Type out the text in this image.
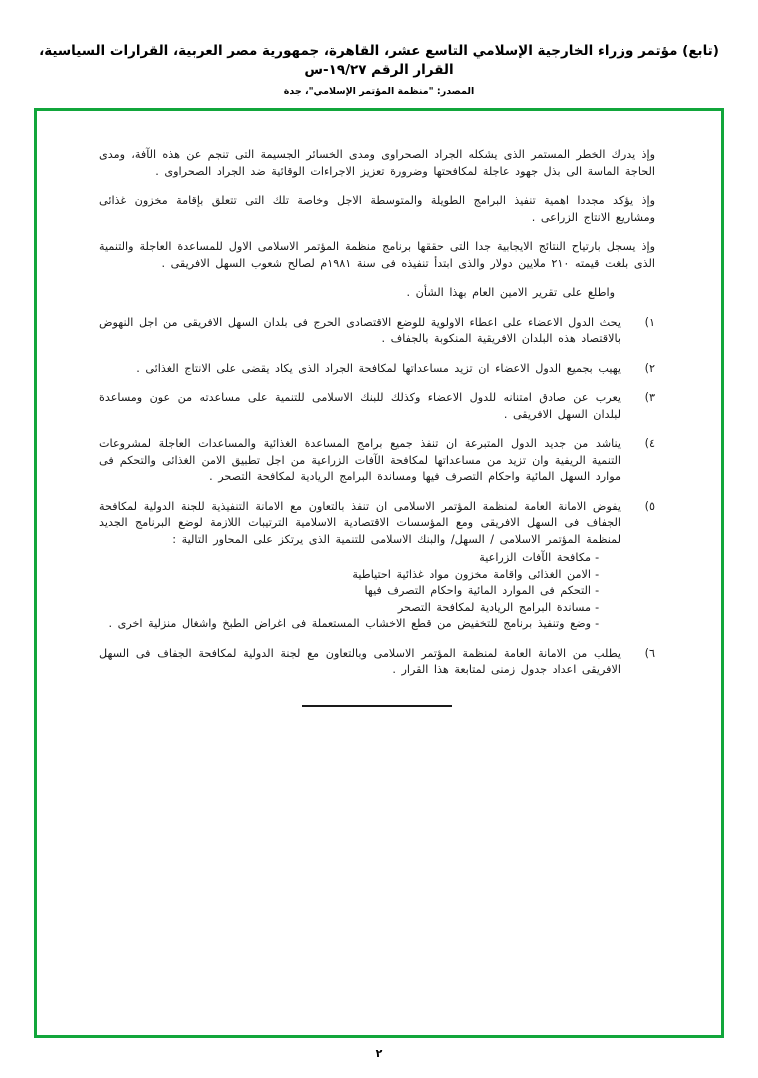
(تابع) مؤتمر وزراء الخارجية الإسلامي التاسع عشر، القاهرة، جمهورية مصر العربية، القرارات السياسية، القرار الرقم ١٩/٢٧-س
المصدر: "منظمة المؤتمر الإسلامي"، جدة

وإذ يدرك الخطر المستمر الذى يشكله الجراد الصحراوى ومدى الخسائر الجسيمة التى تنجم عن هذه الآفة، ومدى الحاجة الماسة الى بذل جهود عاجلة لمكافحتها وضرورة تعزيز الاجراءات الوقائية ضد الجراد الصحراوى .

وإذ يؤكد مجددا اهمية تنفيذ البرامج الطويلة والمتوسطة الاجل وخاصة تلك التى تتعلق بإقامة مخزون غذائى ومشاريع الانتاج الزراعى .

وإذ يسجل بارتياح النتائج الايجابية جدا التى حققها برنامج منظمة المؤتمر الاسلامى الاول للمساعدة العاجلة والتنمية الذى بلغت قيمته ٢١٠ ملايين دولار والذى ابتدأ تنفيذه فى سنة ١٩٨١م لصالح شعوب السهل الافريقى .

واطلع على تقرير الامين العام بهذا الشأن .

١)

يحث الدول الاعضاء على اعطاء الاولوية للوضع الاقتصادى الحرج فى بلدان السهل الافريقى من اجل النهوض بالاقتصاد هذه البلدان الافريقية المنكوبة بالجفاف .

٢)

يهيب بجميع الدول الاعضاء ان تزيد مساعداتها لمكافحة الجراد الذى يكاد يقضى على الانتاج الغذائى .

٣)

يعرب عن صادق امتنانه للدول الاعضاء وكذلك للبنك الاسلامى للتنمية على مساعدته من عون ومساعدة لبلدان السهل الافريقى .

٤)

يناشد من جديد الدول المتبرعة ان تنفذ جميع برامج المساعدة الغذائية والمساعدات العاجلة لمشروعات التنمية الريفية وان تزيد من مساعداتها لمكافحة الآفات الزراعية من اجل تطبيق الامن الغذائى والتحكم فى موارد السهل المائية واحكام التصرف فيها ومساندة البرامج الريادية لمكافحة التصحر .

٥)

يفوض الامانة العامة لمنظمة المؤتمر الاسلامى ان تنفذ بالتعاون مع الامانة التنفيذية للجنة الدولية لمكافحة الجفاف فى السهل الافريقى ومع المؤسسات الاقتصادية الاسلامية الترتيبات اللازمة لوضع البرنامج الجديد لمنظمة المؤتمر الاسلامى / السهل/ والبنك الاسلامى للتنمية الذى يرتكز على المحاور التالية :

-
مكافحة الآفات الزراعية
-
الامن الغذائى واقامة مخزون مواد غذائية احتياطية
-
التحكم فى الموارد المائية واحكام التصرف فيها
-
مساندة البرامج الريادية لمكافحة التصحر
-
وضع وتنفيذ برنامج للتخفيض من قطع الاخشاب المستعملة فى اغراض الطبخ واشغال منزلية اخرى .
٦)

يطلب من الامانة العامة لمنظمة المؤتمر الاسلامى وبالتعاون مع لجنة الدولية لمكافحة الجفاف فى السهل الافريقى اعداد جدول زمنى لمتابعة هذا القرار .

٢
